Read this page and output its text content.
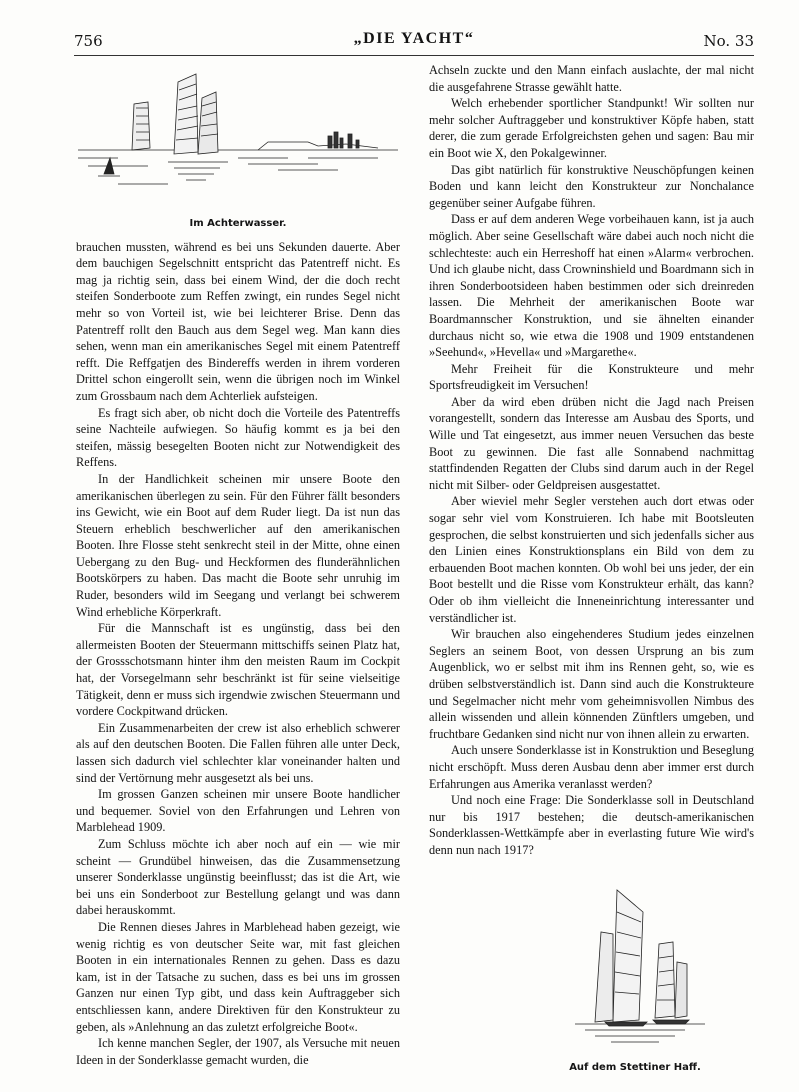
756	„DIE YACHT“	No. 33
Im Achterwasser.

brauchen mussten, während es bei uns Sekunden dauerte. Aber dem bauchigen Segelschnitt entspricht das Patentreff nicht. Es mag ja richtig sein, dass bei einem Wind, der die doch recht steifen Sonderboote zum Reffen zwingt, ein rundes Segel nicht mehr so von Vorteil ist, wie bei leichterer Brise. Denn das Patentreff rollt den Bauch aus dem Segel weg. Man kann dies sehen, wenn man ein amerikanisches Segel mit einem Patentreff refft. Die Reffgatjen des Bindereffs werden in ihrem vorderen Drittel schon eingerollt sein, wenn die übrigen noch im Winkel zum Grossbaum nach dem Achterliek aufsteigen.

Es fragt sich aber, ob nicht doch die Vorteile des Patentreffs seine Nachteile aufwiegen. So häufig kommt es ja bei den steifen, mässig besegelten Booten nicht zur Notwendigkeit des Reffens.

In der Handlichkeit scheinen mir unsere Boote den amerikanischen überlegen zu sein. Für den Führer fällt besonders ins Gewicht, wie ein Boot auf dem Ruder liegt. Da ist nun das Steuern erheblich beschwerlicher auf den amerikanischen Booten. Ihre Flosse steht senkrecht steil in der Mitte, ohne einen Uebergang zu den Bug- und Heckformen des flunderähnlichen Bootskörpers zu haben. Das macht die Boote sehr unruhig im Ruder, besonders wild im Seegang und verlangt bei schwerem Wind erhebliche Körperkraft.

Für die Mannschaft ist es ungünstig, dass bei den allermeisten Booten der Steuermann mittschiffs seinen Platz hat, der Grossschotsmann hinter ihm den meisten Raum im Cockpit hat, der Vorsegelmann sehr beschränkt ist für seine vielseitige Tätigkeit, denn er muss sich irgendwie zwischen Steuermann und vordere Cockpitwand drücken.

Ein Zusammenarbeiten der crew ist also erheblich schwerer als auf den deutschen Booten. Die Fallen führen alle unter Deck, lassen sich dadurch viel schlechter klar voneinander halten und sind der Vertörnung mehr ausgesetzt als bei uns.

Im grossen Ganzen scheinen mir unsere Boote handlicher und bequemer. Soviel von den Erfahrungen und Lehren von Marblehead 1909.

Zum Schluss möchte ich aber noch auf ein — wie mir scheint — Grundübel hinweisen, das die Zusammensetzung unserer Sonderklasse ungünstig beeinflusst; das ist die Art, wie bei uns ein Sonderboot zur Bestellung gelangt und was dann dabei herauskommt.

Die Rennen dieses Jahres in Marblehead haben gezeigt, wie wenig richtig es von deutscher Seite war, mit fast gleichen Booten in ein internationales Rennen zu gehen. Dass es dazu kam, ist in der Tatsache zu suchen, dass es bei uns im grossen Ganzen nur einen Typ gibt, und dass kein Auftraggeber sich entschliessen kann, andere Direktiven für den Konstrukteur zu geben, als »Anlehnung an das zuletzt erfolgreiche Boot«.

Ich kenne manchen Segler, der 1907, als Versuche mit neuen Ideen in der Sonderklasse gemacht wurden, die

Achseln zuckte und den Mann einfach auslachte, der mal nicht die ausgefahrene Strasse gewählt hatte.

Welch erhebender sportlicher Standpunkt! Wir sollten nur mehr solcher Auftraggeber und konstruktiver Köpfe haben, statt derer, die zum gerade Erfolgreichsten gehen und sagen: Bau mir ein Boot wie X, den Pokalgewinner.

Das gibt natürlich für konstruktive Neuschöpfungen keinen Boden und kann leicht den Konstrukteur zur Nonchalance gegenüber seiner Aufgabe führen.

Dass er auf dem anderen Wege vorbeihauen kann, ist ja auch möglich. Aber seine Gesellschaft wäre dabei auch noch nicht die schlechteste: auch ein Herreshoff hat einen »Alarm« verbrochen. Und ich glaube nicht, dass Crowninshield und Boardmann sich in ihren Sonderbootsideen haben bestimmen oder sich dreinreden lassen. Die Mehrheit der amerikanischen Boote war Boardmannscher Konstruktion, und sie ähnelten einander durchaus nicht so, wie etwa die 1908 und 1909 entstandenen »Seehund«, »Hevella« und »Margarethe«.

Mehr Freiheit für die Konstrukteure und mehr Sportsfreudigkeit im Versuchen!

Aber da wird eben drüben nicht die Jagd nach Preisen vorangestellt, sondern das Interesse am Ausbau des Sports, und Wille und Tat eingesetzt, aus immer neuen Versuchen das beste Boot zu gewinnen. Die fast alle Sonnabend nachmittag stattfindenden Regatten der Clubs sind darum auch in der Regel nicht mit Silber- oder Geldpreisen ausgestattet.

Aber wieviel mehr Segler verstehen auch dort etwas oder sogar sehr viel vom Konstruieren. Ich habe mit Bootsleuten gesprochen, die selbst konstruierten und sich jedenfalls sicher aus den Linien eines Konstruktionsplans ein Bild von dem zu erbauenden Boot machen konnten. Ob wohl bei uns jeder, der ein Boot bestellt und die Risse vom Konstrukteur erhält, das kann? Oder ob ihm vielleicht die Inneneinrichtung interessanter und verständlicher ist.

Wir brauchen also eingehenderes Studium jedes einzelnen Seglers an seinem Boot, von dessen Ursprung an bis zum Augenblick, wo er selbst mit ihm ins Rennen geht, so, wie es drüben selbstverständlich ist. Dann sind auch die Konstrukteure und Segelmacher nicht mehr vom geheimnisvollen Nimbus des allein wissenden und allein könnenden Zünftlers umgeben, und fruchtbare Gedanken sind nicht nur von ihnen allein zu erwarten.

Auch unsere Sonderklasse ist in Konstruktion und Beseglung nicht erschöpft. Muss deren Ausbau denn aber immer erst durch Erfahrungen aus Amerika veranlasst werden?

Und noch eine Frage: Die Sonderklasse soll in Deutschland nur bis 1917 bestehen; die deutsch-amerikanischen Sonderklassen-Wettkämpfe aber in everlasting future Wie wird's denn nun nach 1917?

Auf dem Stettiner Haff.
